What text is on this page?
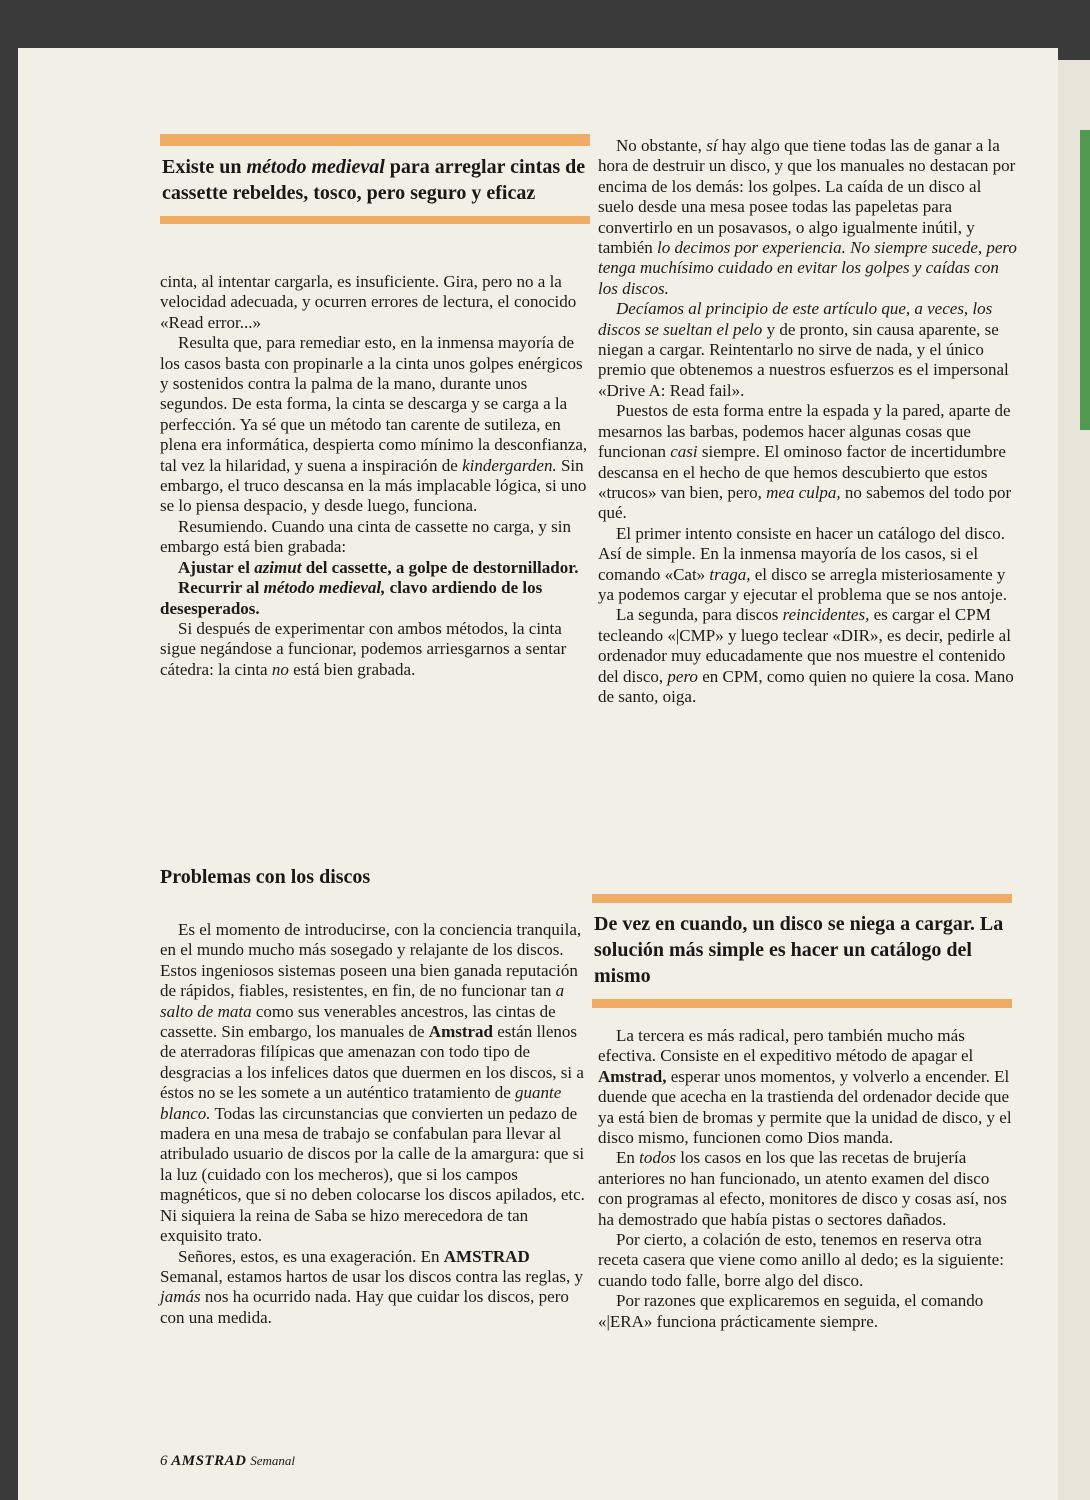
Existe un método medieval para arreglar cintas de cassette rebeldes, tosco, pero seguro y eficaz

cinta, al intentar cargarla, es insuficiente. Gira, pero no a la velocidad adecuada, y ocurren errores de lectura, el conocido «Read error...»

Resulta que, para remediar esto, en la inmensa mayoría de los casos basta con propinarle a la cinta unos golpes enérgicos y sostenidos contra la palma de la mano, durante unos segundos. De esta forma, la cinta se descarga y se carga a la perfección. Ya sé que un método tan carente de sutileza, en plena era informática, despierta como mínimo la desconfianza, tal vez la hilaridad, y suena a inspiración de kindergarden. Sin embargo, el truco descansa en la más implacable lógica, si uno se lo piensa despacio, y desde luego, funciona.

Resumiendo. Cuando una cinta de cassette no carga, y sin embargo está bien grabada:

Ajustar el azimut del cassette, a golpe de destornillador.

Recurrir al método medieval, clavo ardiendo de los desesperados.

Si después de experimentar con ambos métodos, la cinta sigue negándose a funcionar, podemos arriesgarnos a sentar cátedra: la cinta no está bien grabada.

Problemas con los discos

Es el momento de introducirse, con la conciencia tranquila, en el mundo mucho más sosegado y relajante de los discos. Estos ingeniosos sistemas poseen una bien ganada reputación de rápidos, fiables, resistentes, en fin, de no funcionar tan a salto de mata como sus venerables ancestros, las cintas de cassette. Sin embargo, los manuales de Amstrad están llenos de aterradoras filípicas que amenazan con todo tipo de desgracias a los infelices datos que duermen en los discos, si a éstos no se les somete a un auténtico tratamiento de guante blanco. Todas las circunstancias que convierten un pedazo de madera en una mesa de trabajo se confabulan para llevar al atribulado usuario de discos por la calle de la amargura: que si la luz (cuidado con los mecheros), que si los campos magnéticos, que si no deben colocarse los discos apilados, etc. Ni siquiera la reina de Saba se hizo merecedora de tan exquisito trato.

Señores, estos, es una exageración. En AMSTRAD Semanal, estamos hartos de usar los discos contra las reglas, y jamás nos ha ocurrido nada. Hay que cuidar los discos, pero con una medida.

No obstante, sí hay algo que tiene todas las de ganar a la hora de destruir un disco, y que los manuales no destacan por encima de los demás: los golpes. La caída de un disco al suelo desde una mesa posee todas las papeletas para convertirlo en un posavasos, o algo igualmente inútil, y también lo decimos por experiencia. No siempre sucede, pero tenga muchísimo cuidado en evitar los golpes y caídas con los discos.

Decíamos al principio de este artículo que, a veces, los discos se sueltan el pelo y de pronto, sin causa aparente, se niegan a cargar. Reintentarlo no sirve de nada, y el único premio que obtenemos a nuestros esfuerzos es el impersonal «Drive A: Read fail».

Puestos de esta forma entre la espada y la pared, aparte de mesarnos las barbas, podemos hacer algunas cosas que funcionan casi siempre. El ominoso factor de incertidumbre descansa en el hecho de que hemos descubierto que estos «trucos» van bien, pero, mea culpa, no sabemos del todo por qué.

El primer intento consiste en hacer un catálogo del disco. Así de simple. En la inmensa mayoría de los casos, si el comando «Cat» traga, el disco se arregla misteriosamente y ya podemos cargar y ejecutar el problema que se nos antoje.

La segunda, para discos reincidentes, es cargar el CPM tecleando «|CMP» y luego teclear «DIR», es decir, pedirle al ordenador muy educadamente que nos muestre el contenido del disco, pero en CPM, como quien no quiere la cosa. Mano de santo, oiga.

De vez en cuando, un disco se niega a cargar. La solución más simple es hacer un catálogo del mismo

La tercera es más radical, pero también mucho más efectiva. Consiste en el expeditivo método de apagar el Amstrad, esperar unos momentos, y volverlo a encender. El duende que acecha en la trastienda del ordenador decide que ya está bien de bromas y permite que la unidad de disco, y el disco mismo, funcionen como Dios manda.

En todos los casos en los que las recetas de brujería anteriores no han funcionado, un atento examen del disco con programas al efecto, monitores de disco y cosas así, nos ha demostrado que había pistas o sectores dañados.

Por cierto, a colación de esto, tenemos en reserva otra receta casera que viene como anillo al dedo; es la siguiente: cuando todo falle, borre algo del disco.

Por razones que explicaremos en seguida, el comando «|ERA» funciona prácticamente siempre.

6 AMSTRAD Semanal
